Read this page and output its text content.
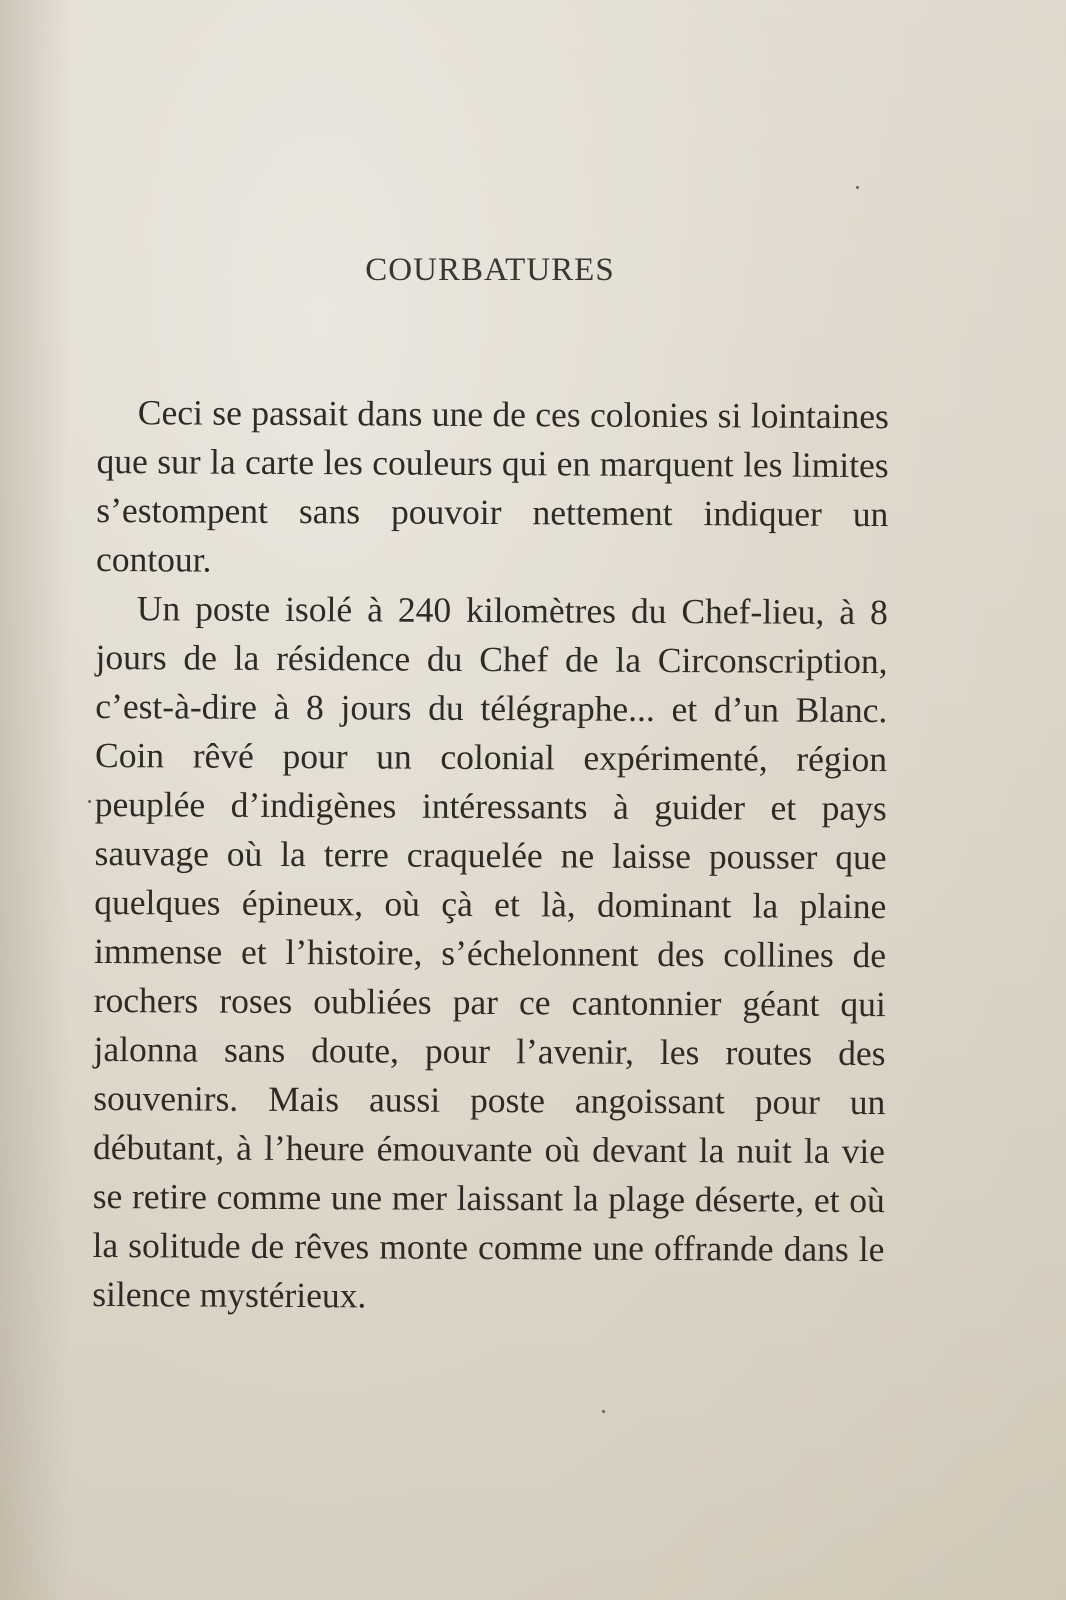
COURBATURES

Ceci se passait dans une de ces colonies si lointaines que sur la carte les couleurs qui en marquent les limites s’estompent sans pouvoir nettement indiquer un contour.

Un poste isolé à 240 kilomètres du Chef-lieu, à 8 jours de la résidence du Chef de la Circonscription, c’est-à-dire à 8 jours du télégraphe... et d’un Blanc. Coin rêvé pour un colonial expérimenté, région peuplée d’indigènes intéressants à guider et pays sauvage où la terre craquelée ne laisse pousser que quelques épineux, où çà et là, dominant la plaine immense et l’histoire, s’échelonnent des collines de rochers roses oubliées par ce cantonnier géant qui jalonna sans doute, pour l’avenir, les routes des souvenirs. Mais aussi poste angoissant pour un débutant, à l’heure émouvante où devant la nuit la vie se retire comme une mer laissant la plage déserte, et où la solitude de rêves monte comme une offrande dans le silence mystérieux.
